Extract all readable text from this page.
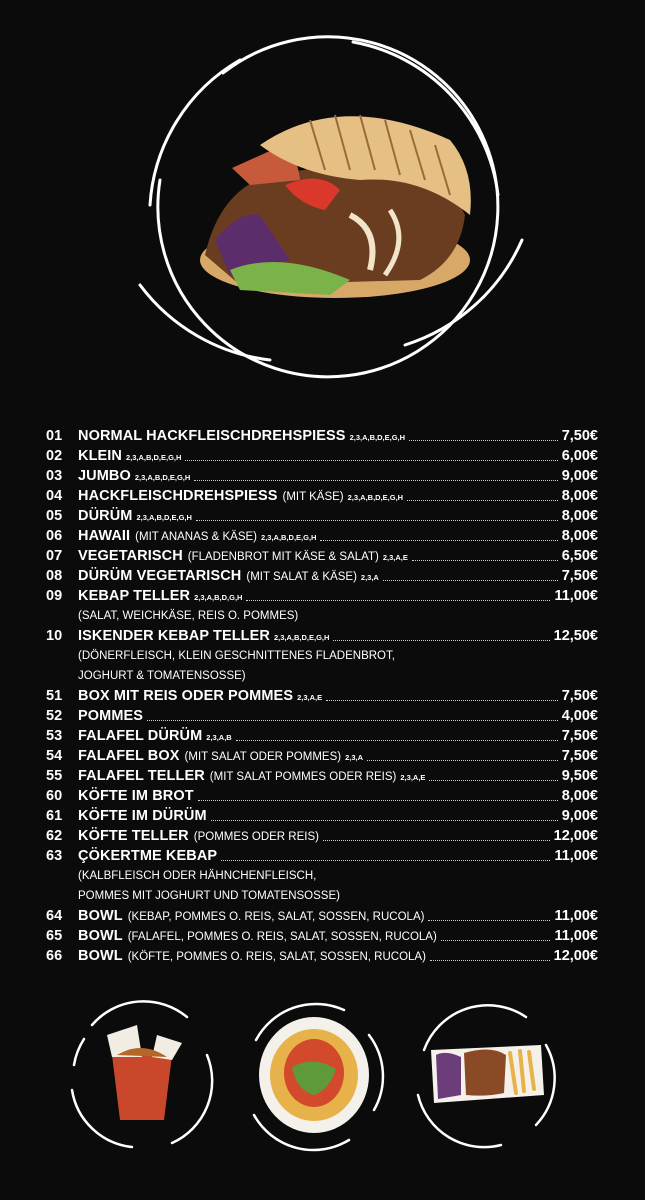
01	NORMAL HACKFLEISCHDREHSPIESS 2,3,A,B,D,E,G,H	7,50€
02	KLEIN 2,3,A,B,D,E,G,H	6,00€
03	JUMBO 2,3,A,B,D,E,G,H	9,00€
04	HACKFLEISCHDREHSPIESS (MIT KÄSE) 2,3,A,B,D,E,G,H	8,00€
05	DÜRÜM 2,3,A,B,D,E,G,H	8,00€
06	HAWAII (MIT ANANAS & KÄSE) 2,3,A,B,D,E,G,H	8,00€
07	VEGETARISCH (FLADENBROT MIT KÄSE & SALAT) 2,3,A,E	6,50€
08	DÜRÜM VEGETARISCH (MIT SALAT & KÄSE) 2,3,A	7,50€
09	KEBAP TELLER 2,3,A,B,D,G,H	11,00€
(SALAT, WEICHKÄSE, REIS O. POMMES)
10	ISKENDER KEBAP TELLER 2,3,A,B,D,E,G,H	12,50€
(DÖNERFLEISCH, KLEIN GESCHNITTENES FLADENBROT,
JOGHURT & TOMATENSOSSE)
51	BOX MIT REIS ODER POMMES 2,3,A,E	7,50€
52	POMMES	4,00€
53	FALAFEL DÜRÜM 2,3,A,B	7,50€
54	FALAFEL BOX (MIT SALAT ODER POMMES) 2,3,A	7,50€
55	FALAFEL TELLER (MIT SALAT POMMES ODER REIS) 2,3,A,E	9,50€
60	KÖFTE IM BROT	8,00€
61	KÖFTE IM DÜRÜM	9,00€
62	KÖFTE TELLER (POMMES ODER REIS)	12,00€
63	ÇÖKERTME KEBAP	11,00€
(KALBFLEISCH ODER HÄHNCHENFLEISCH,
POMMES MIT JOGHURT UND TOMATENSOSSE)
64	BOWL (KEBAP, POMMES O. REIS, SALAT, SOSSEN, RUCOLA)	11,00€
65	BOWL (FALAFEL, POMMES O. REIS, SALAT, SOSSEN, RUCOLA)	11,00€
66	BOWL (KÖFTE, POMMES O. REIS, SALAT, SOSSEN, RUCOLA)	12,00€
